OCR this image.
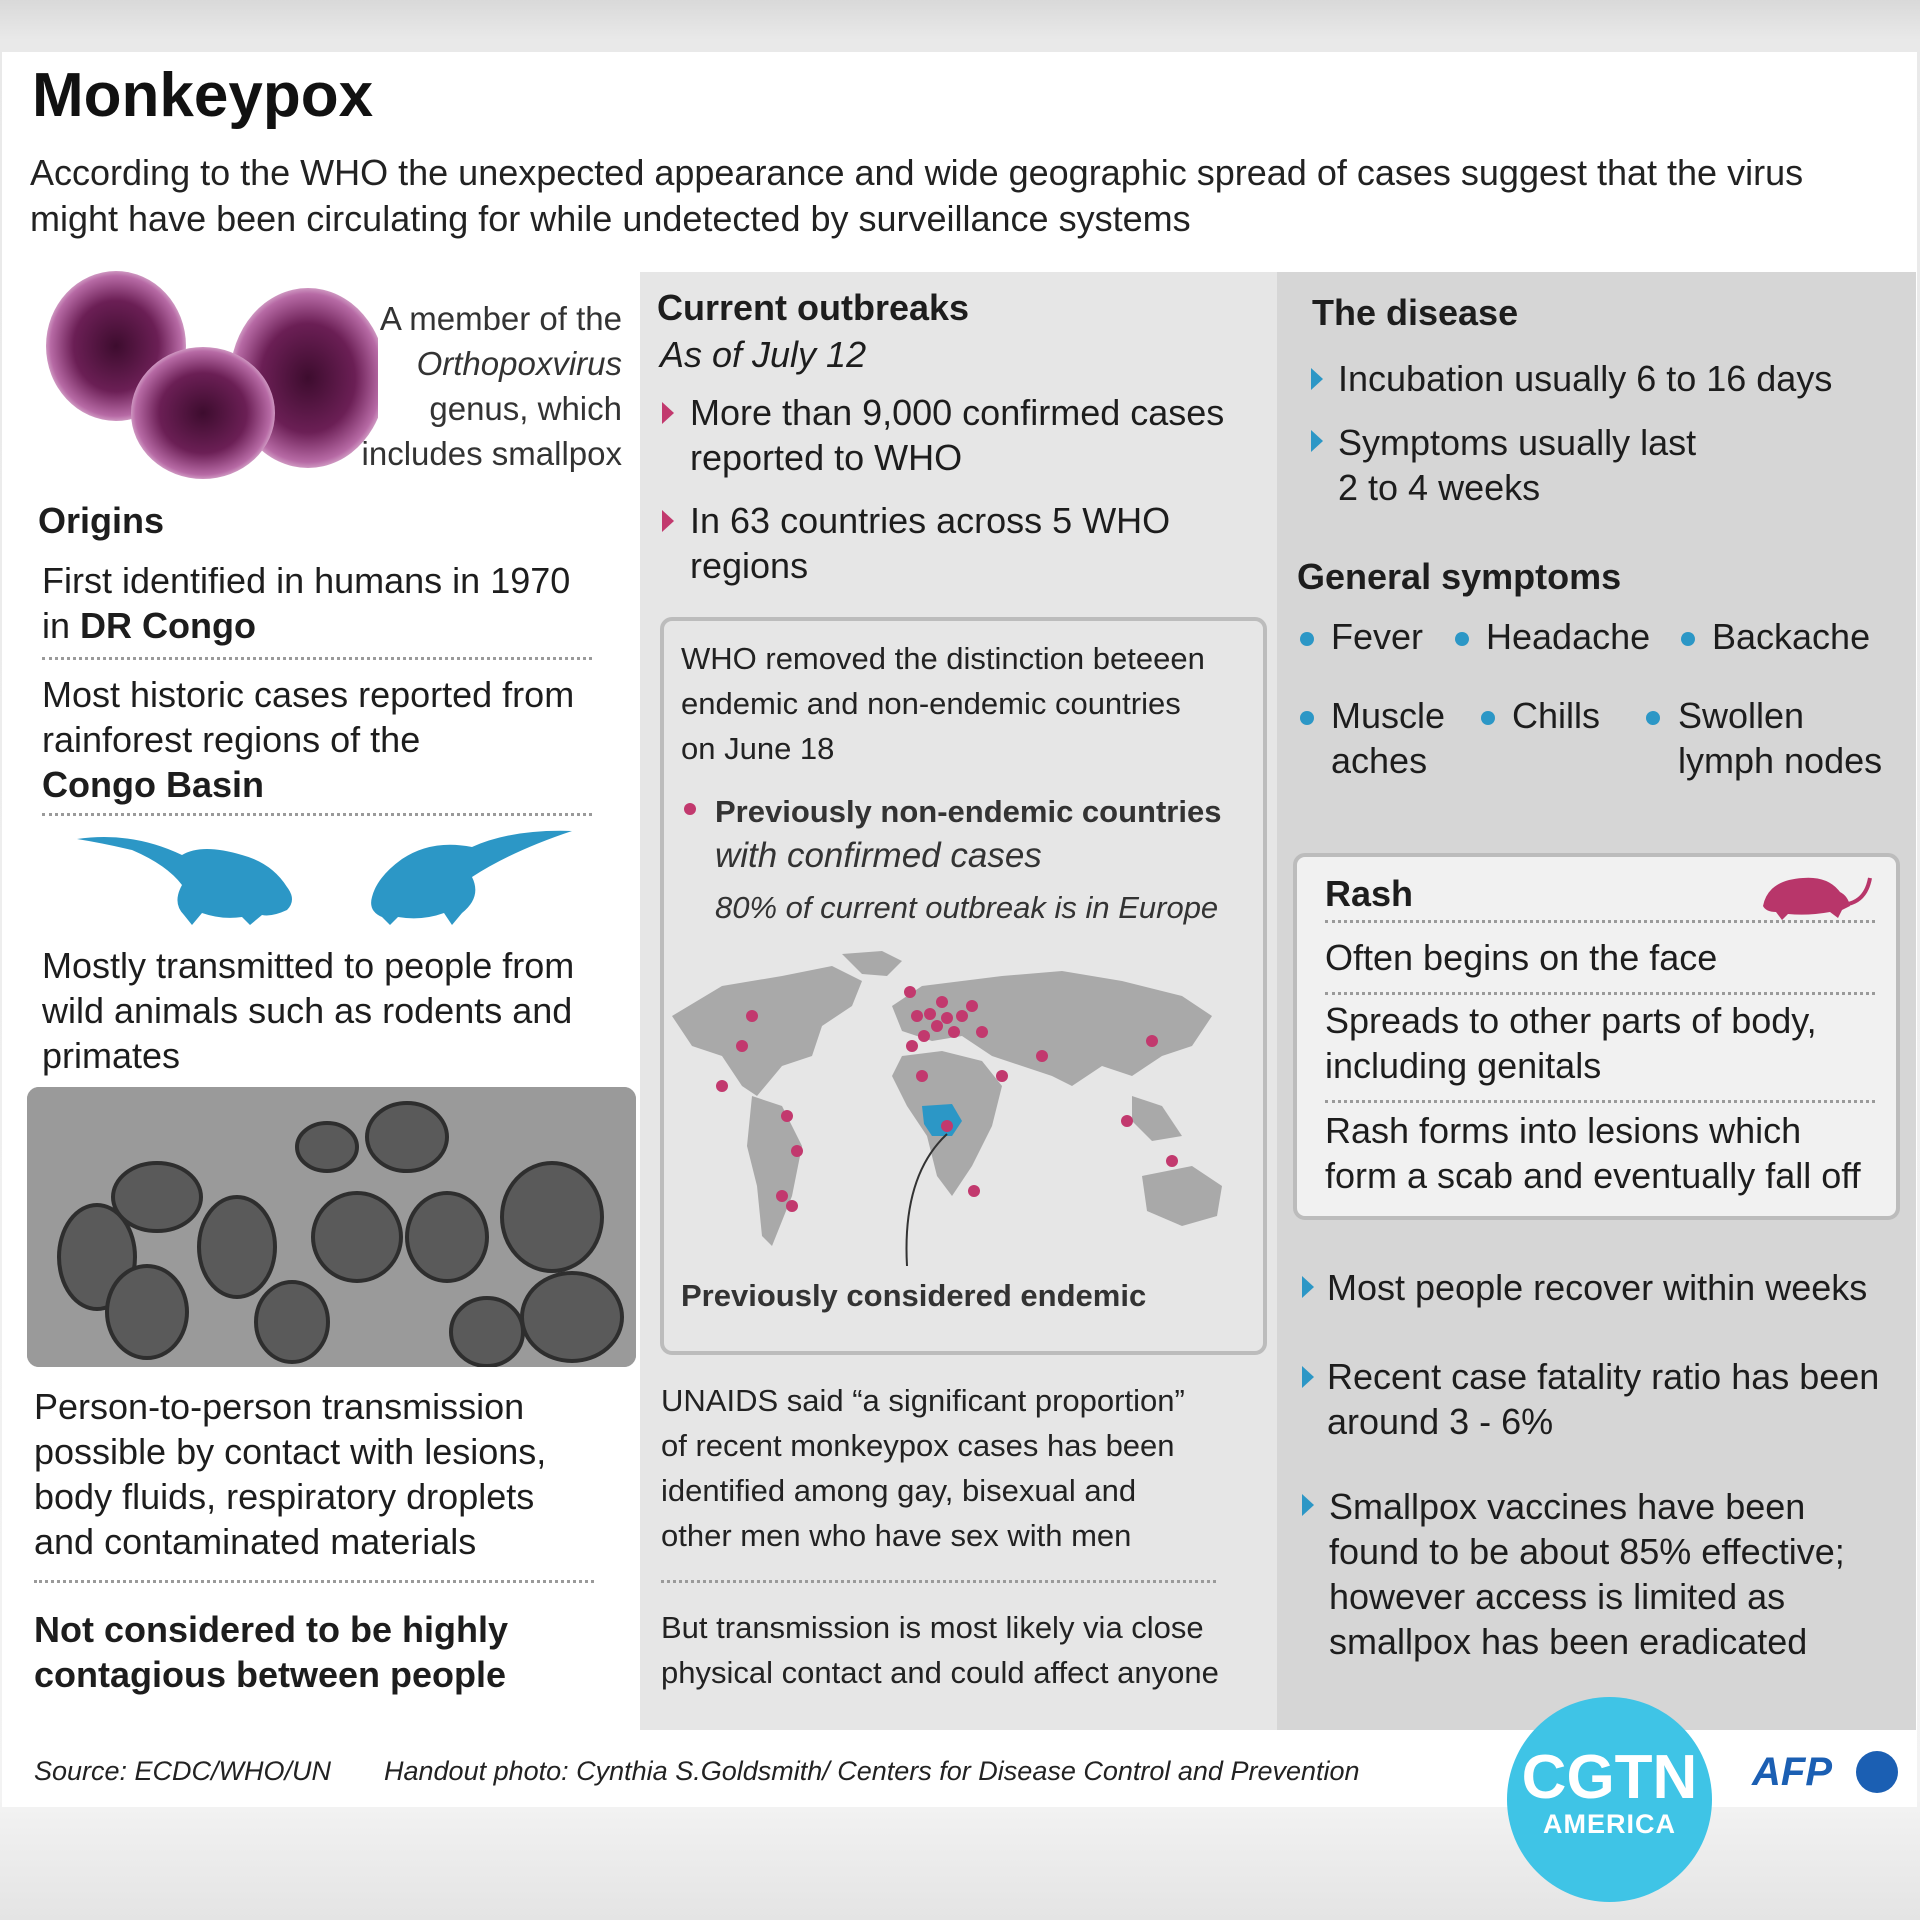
Monkeypox
According to the WHO the unexpected appearance and wide geographic spread of cases suggest that the virus might have been circulating for while undetected by surveillance systems
A member of the
Orthopoxvirus
genus, which
includes smallpox
Origins
First identified in humans in 1970
in DR Congo
Most historic cases reported from
rainforest regions of the
Congo Basin
Mostly transmitted to people from
wild animals such as rodents and
primates
Person-to-person transmission
possible by contact with lesions,
body fluids, respiratory droplets
and contaminated materials
Not considered to be highly
contagious between people
Current outbreaks
As of July 12
More than 9,000 confirmed cases
reported to WHO
In 63 countries across 5 WHO
regions
WHO removed the distinction beteeen
endemic and non-endemic countries
on June 18
Previously non-endemic countries
with confirmed cases
80% of current outbreak is in Europe
Previously considered endemic
UNAIDS said “a significant proportion”
of recent monkeypox cases has been
identified among gay, bisexual and
other men who have sex with men
But transmission is most likely via close
physical contact and could affect anyone
The disease
Incubation usually 6 to 16 days
Symptoms usually last
2 to 4 weeks
General symptoms
Fever Headache Backache
Muscle
aches
Chills Swollen
lymph nodes
Rash
Often begins on the face
Spreads to other parts of body,
including genitals
Rash forms into lesions which
form a scab and eventually fall off
Most people recover within weeks
Recent case fatality ratio has been
around 3 - 6%
Smallpox vaccines have been
found to be about 85% effective;
however access is limited as
smallpox has been eradicated
Source: ECDC/WHO/UN Handout photo: Cynthia S.Goldsmith/ Centers for Disease Control and Prevention	CGTN
AMERICA
AFP
